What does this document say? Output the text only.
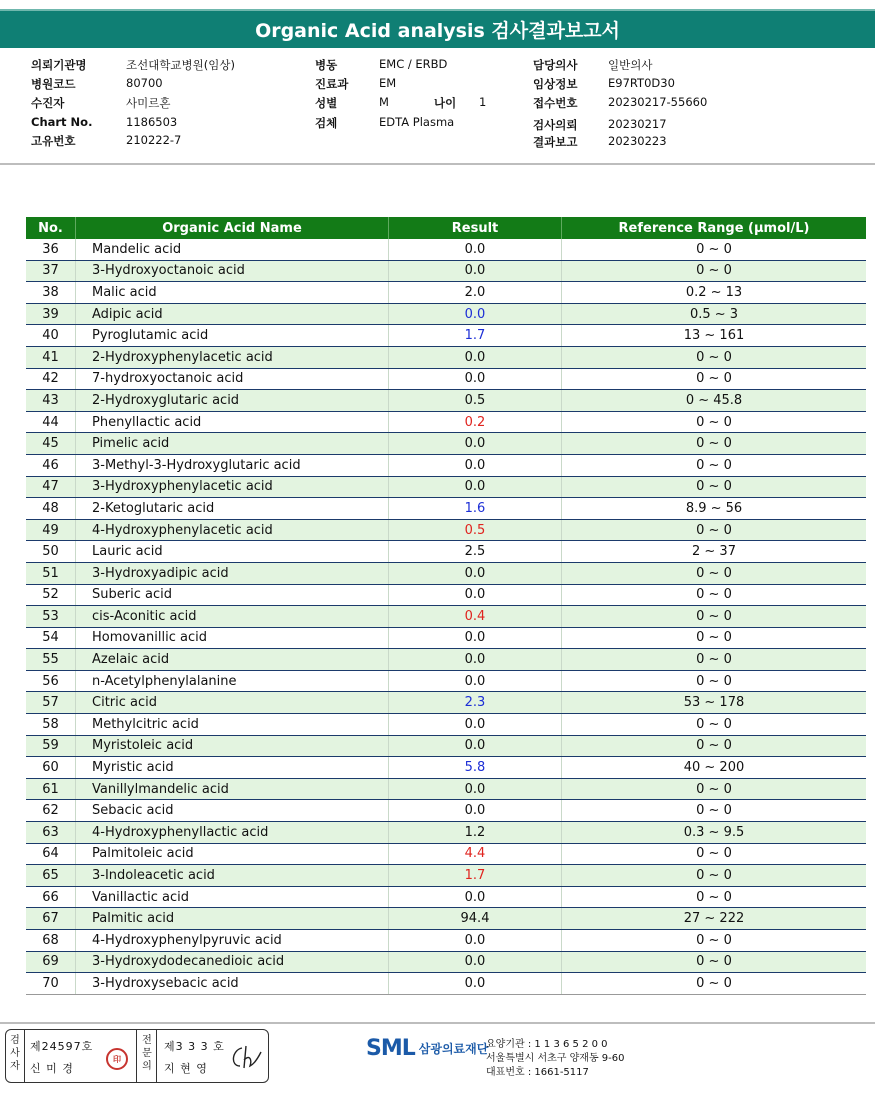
Organic Acid analysis 검사결과보고서
의뢰기관명	조선대학교병원(임상)
병원코드	80700
수진자	사미르혼
Chart No.	1186503
고유번호	210222-7
병동	EMC / ERBD
진료과	EM
성별	M
검체	EDTA Plasma
나이 1
담당의사	일반의사
임상정보	E97RT0D30
접수번호	20230217-55660
검사의뢰	20230217
결과보고	20230223
No.	Organic Acid Name	Result	Reference Range (μmol/L)
36	Mandelic acid	0.0	0 ~ 0
37	3-Hydroxyoctanoic acid	0.0	0 ~ 0
38	Malic acid	2.0	0.2 ~ 13
39	Adipic acid	0.0	0.5 ~ 3
40	Pyroglutamic acid	1.7	13 ~ 161
41	2-Hydroxyphenylacetic acid	0.0	0 ~ 0
42	7-hydroxyoctanoic acid	0.0	0 ~ 0
43	2-Hydroxyglutaric acid	0.5	0 ~ 45.8
44	Phenyllactic acid	0.2	0 ~ 0
45	Pimelic acid	0.0	0 ~ 0
46	3-Methyl-3-Hydroxyglutaric acid	0.0	0 ~ 0
47	3-Hydroxyphenylacetic acid	0.0	0 ~ 0
48	2-Ketoglutaric acid	1.6	8.9 ~ 56
49	4-Hydroxyphenylacetic acid	0.5	0 ~ 0
50	Lauric acid	2.5	2 ~ 37
51	3-Hydroxyadipic acid	0.0	0 ~ 0
52	Suberic acid	0.0	0 ~ 0
53	cis-Aconitic acid	0.4	0 ~ 0
54	Homovanillic acid	0.0	0 ~ 0
55	Azelaic acid	0.0	0 ~ 0
56	n-Acetylphenylalanine	0.0	0 ~ 0
57	Citric acid	2.3	53 ~ 178
58	Methylcitric acid	0.0	0 ~ 0
59	Myristoleic acid	0.0	0 ~ 0
60	Myristic acid	5.8	40 ~ 200
61	Vanillylmandelic acid	0.0	0 ~ 0
62	Sebacic acid	0.0	0 ~ 0
63	4-Hydroxyphenyllactic acid	1.2	0.3 ~ 9.5
64	Palmitoleic acid	4.4	0 ~ 0
65	3-Indoleacetic acid	1.7	0 ~ 0
66	Vanillactic acid	0.0	0 ~ 0
67	Palmitic acid	94.4	27 ~ 222
68	4-Hydroxyphenylpyruvic acid	0.0	0 ~ 0
69	3-Hydroxydodecanedioic acid	0.0	0 ~ 0
70	3-Hydroxysebacic acid	0.0	0 ~ 0
검사자
제24597호
신 미 경
印
전문의
제3 3 3 호
지 현 영
SML 삼광의료재단
요양기관 : 1 1 3 6 5 2 0 0
서울특별시 서초구 양재동 9-60
대표번호 : 1661-5117
